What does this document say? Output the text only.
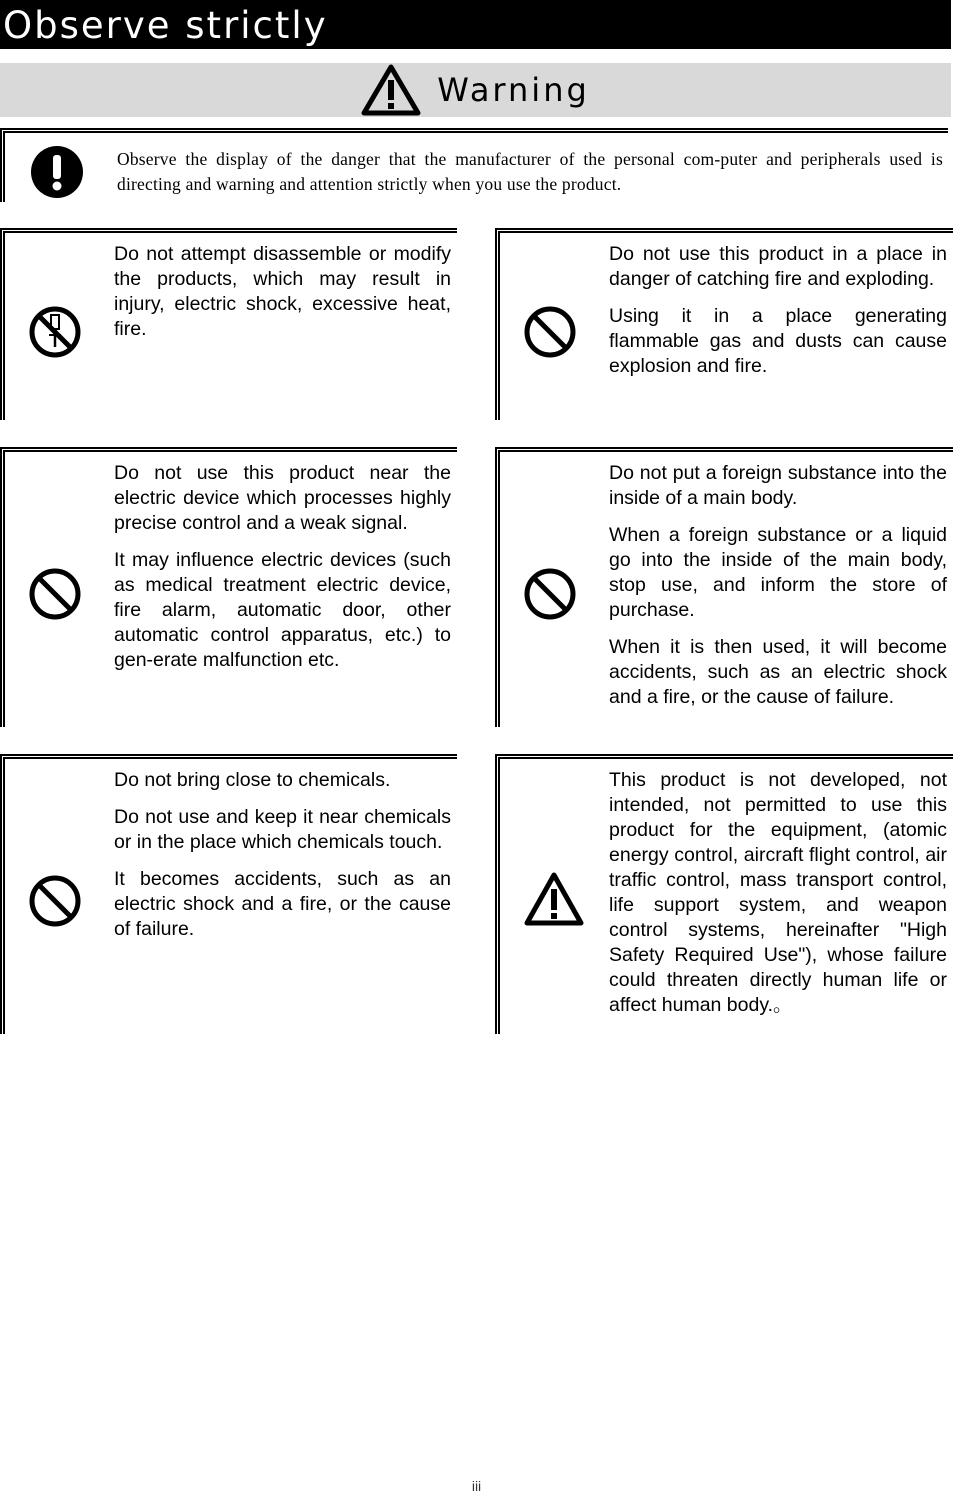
Observe strictly
Warning
Observe the display of the danger that the manufacturer of the personal com-puter and peripherals used is directing and warning and attention strictly when you use the product.

Do not attempt disassemble or modify the products, which may result in injury, electric shock, excessive heat, fire.

Do not use this product in a place in danger of catching fire and exploding.

Using it in a place generating flammable gas and dusts can cause explosion and fire.

Do not use this product near the electric device which processes highly precise control and a weak signal.

It may influence electric devices (such as medical treatment electric device, fire alarm, automatic door, other automatic control apparatus, etc.) to gen-erate malfunction etc.

Do not put a foreign substance into the inside of a main body.

When a foreign substance or a liquid go into the inside of the main body, stop use, and inform the store of purchase.

When it is then used, it will become accidents, such as an electric shock and a fire, or the cause of failure.

Do not bring close to chemicals.

Do not use and keep it near chemicals or in the place which chemicals touch.

It becomes accidents, such as an electric shock and a fire, or the cause of failure.

This product is not developed, not intended, not permitted to use this product for the equipment, (atomic energy control, aircraft flight control, air traffic control, mass transport control, life support system, and weapon control systems, hereinafter "High Safety Required Use"), whose failure could threaten directly human life or affect human body.。

iii
